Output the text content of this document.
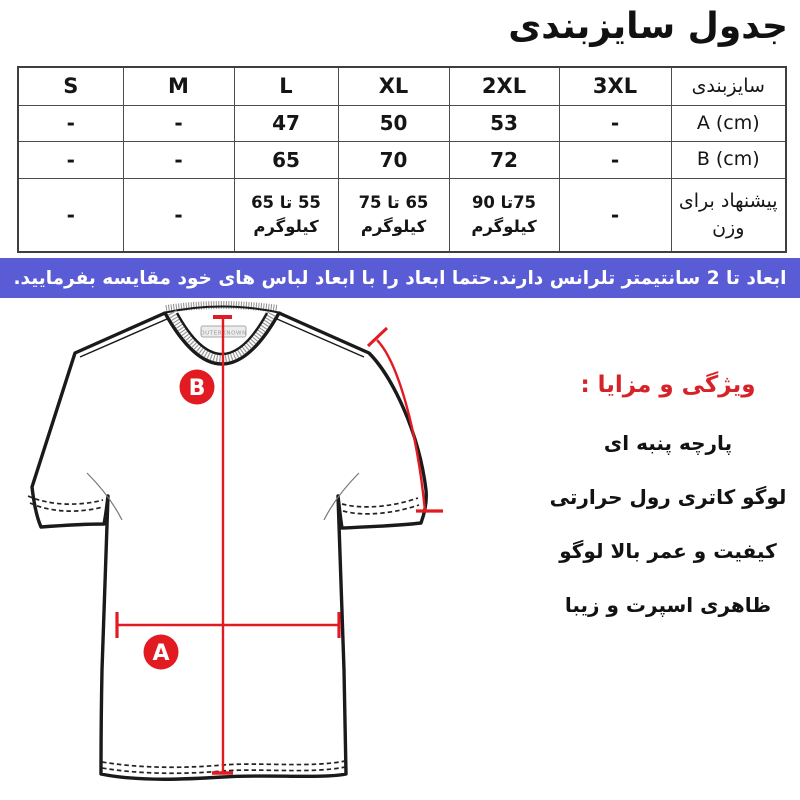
جدول سایزبندی
سایزبندی	3XL	2XL	XL	L	M	S
A (cm)	-	53	50	47	-	-
B (cm)	-	72	70	65	-	-
پیشنهاد برای وزن	-	75تا 90 کیلوگرم	65 تا 75 کیلوگرم	55 تا 65 کیلوگرم	-	-
ابعاد تا 2 سانتیمتر تلرانس دارند.حتما ابعاد را با ابعاد لباس های خود مقایسه بفرمایید.
OUTERKNOWN
B
A
ویژگی و مزایا :
پارچه پنبه ای
لوگو کاتری رول حرارتی
کیفیت و عمر بالا لوگو
ظاهری اسپرت و زیبا
